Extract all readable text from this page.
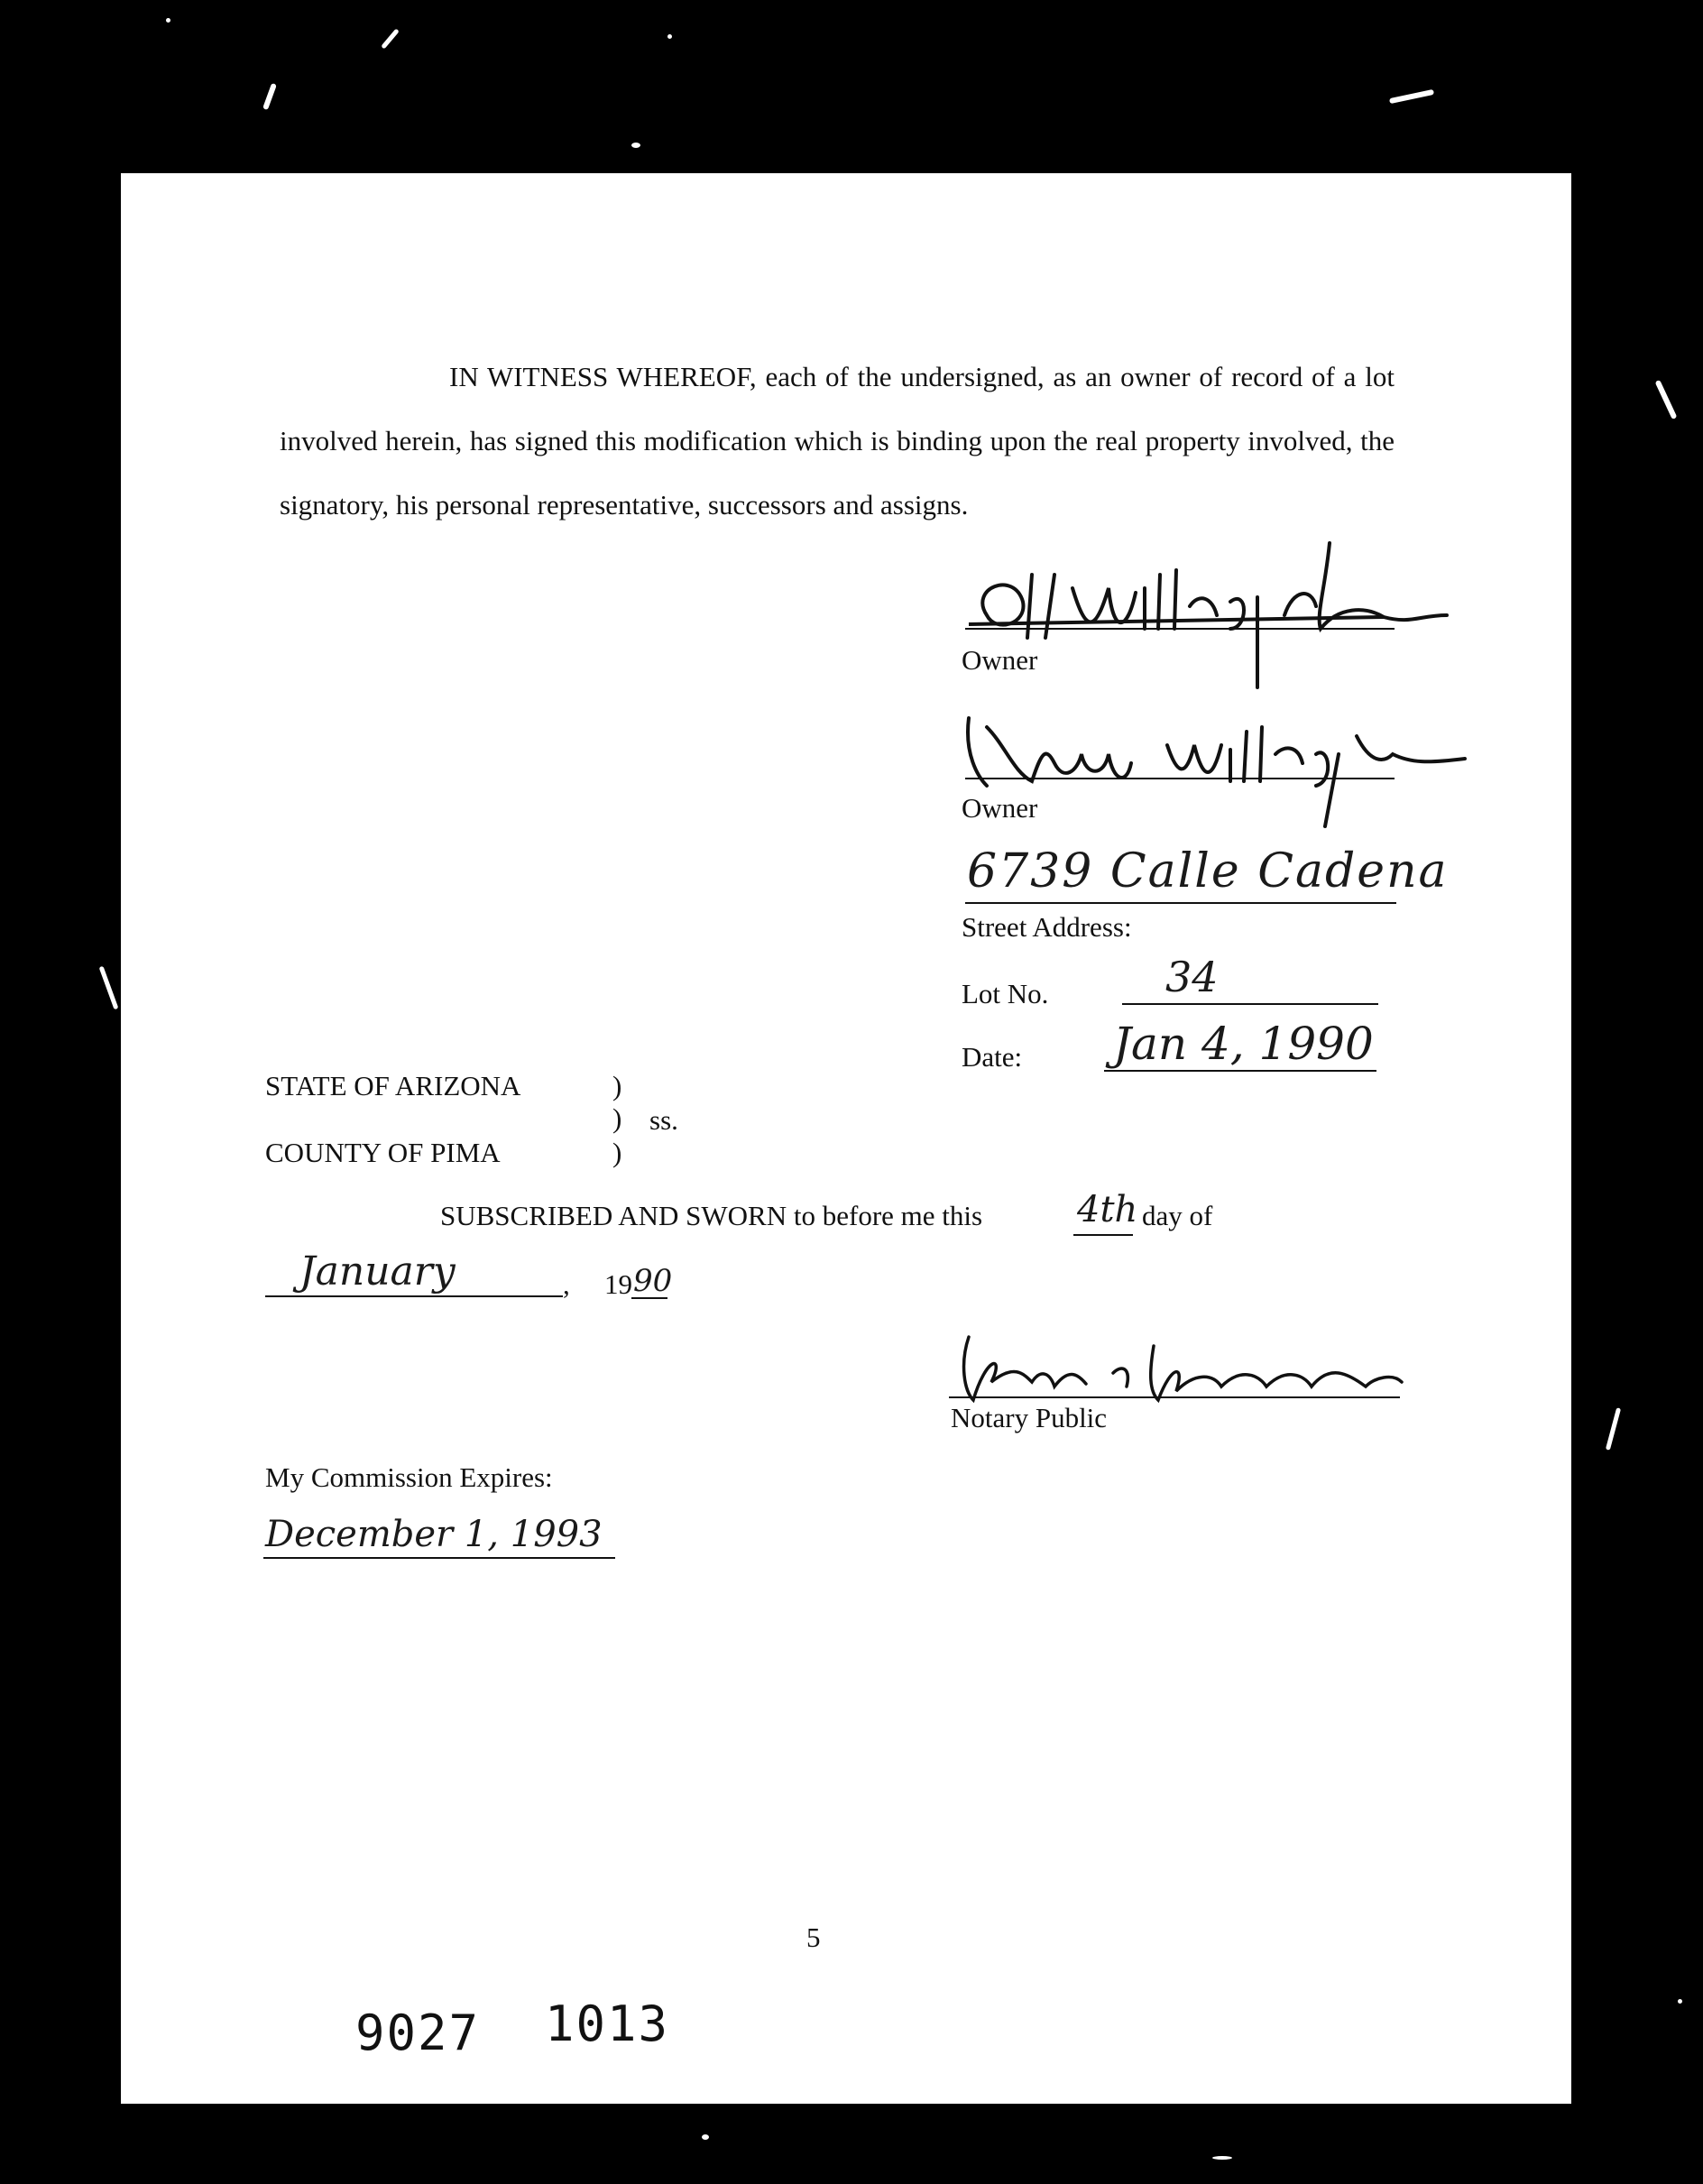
IN WITNESS WHEREOF, each of the undersigned, as an owner of record of a lot involved herein, has signed this modification which is binding upon the real property involved, the signatory, his personal representative, successors and assigns.

Owner
Owner
6739 Calle Cadena
Street Address:
Lot No.	34
Date: Jan 4, 1990
STATE OF ARIZONA	)
) ss.
COUNTY OF PIMA	)
SUBSCRIBED AND SWORN to before me this	4th day of
January	, 19 90
Notary Public
My Commission Expires:
December 1, 1993
5
9027 1013
